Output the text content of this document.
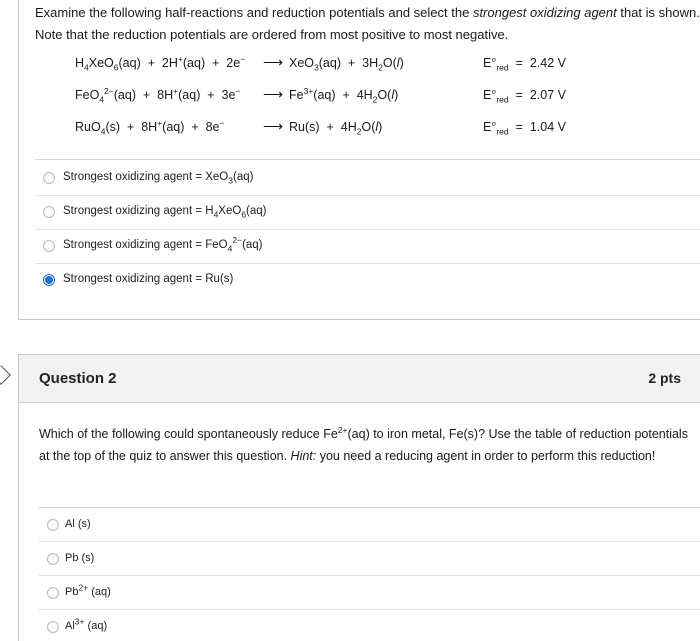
Examine the following half-reactions and reduction potentials and select the strongest oxidizing agent that is shown. Note that the reduction potentials are ordered from most positive to most negative.

$H_4XeO_6(aq) + 2H^+(aq) + 2e^-$ ⟶ $XeO_3(aq) + 3H_2O(l)$	$E^\circ_{red} = 2.42$ V
FeO$_4^{2-}$(aq)  +  8H+(aq)  +  3e− ⟶ $Fe^{3+}(aq) + 4H_2O(l)$	$E^\circ_{red} = 2.07$ V
RuO$_4$(s)  +  8H+(aq)  +  8e−	⟶ $Ru(s) + 4H_2O(l)$	$E^\circ_{red} = 1.04$ V
Strongest oxidizing agent = XeO$_3$(aq)
Strongest oxidizing agent = $H_4XeO_6(aq)$
Strongest oxidizing agent = FeO$_4^{2-}$(aq)
Strongest oxidizing agent = Ru(s)
Question 2	2 pts

Which of the following could spontaneously reduce $Fe^{2+}(aq)$ to iron metal, Fe(s)? Use the table of reduction potentials at the top of the quiz to answer this question. Hint: you need a reducing agent in order to perform this reduction!

Al (s)
Pb (s)
$Pb^{2+}$ (aq)
$Al^{3+}$ (aq)
